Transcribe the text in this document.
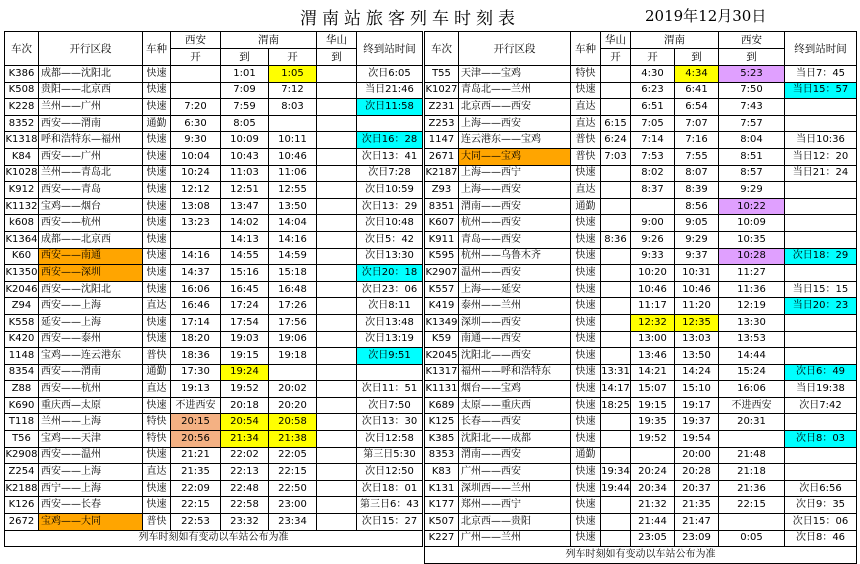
渭南站旅客列车时刻表	2019年12月30日
车次	开行区段	车种	西安	渭南		华山	终到站时间
			开	到	开	到	
K386	成都——沈阳北	快速		1:01	1:05		次日6:05
K508	贵阳——北京西	快速		7:09	7:12		当日21:46
K228	兰州——广州	快速	7:20	7:59	8:03		次日11:58
8352	西安——渭南	通勤	6:30	8:05			
K1318	呼和浩特东—福州	快速	9:30	10:09	10:11		次日16：28
K84	西安——广州	快速	10:04	10:43	10:46		次日13：41
K1028	兰州——青岛北	快速	10:24	11:03	11:06		次日7:28
K912	西安——青岛	快速	12:12	12:51	12:55		次日10:59
K1132	宝鸡——烟台	快速	13:08	13:47	13:50		次日13：29
k608	西安——杭州	快速	13:23	14:02	14:04		次日10:48
K1364	成都——北京西	快速		14:13	14:16		次日5：42
K60	西安——南通	快速	14:16	14:55	14:59		次日13:30
K1350	西安——深圳	快速	14:37	15:16	15:18		次日20：18
K2046	西安——沈阳北	快速	16:06	16:45	16:48		次日23：06
Z94	西安——上海	直达	16:46	17:24	17:26		次日8:11
K558	延安——上海	快速	17:14	17:54	17:56		次日13:48
K420	西安——泰州	快速	18:20	19:03	19:06		次日13:19
1148	宝鸡——连云港东	普快	18:36	19:15	19:18		次日9:51
8354	西安——渭南	通勤	17:30	19:24			
Z88	西安——杭州	直达	19:13	19:52	20:02		次日11：51
K690	重庆西—太原	快速	不进西安	20:18	20:20		次日7:50
T118	兰州——上海	特快	20:15	20:54	20:58		次日13：30
T56	宝鸡——天津	特快	20:56	21:34	21:38		次日12:58
K2908	西安——温州	快速	21:21	22:02	22:05		第三日5:30
Z254	西安——上海	直达	21:35	22:13	22:15		次日12:50
K2188	西宁——上海	快速	22:09	22:48	22:50		次日18：01
K126	西安——长春	快速	22:15	22:58	23:00		第三日6：43
2672	宝鸡——大同	普快	22:53	23:32	23:34		次日15：27
列车时刻如有变动以车站公布为准							
车次	开行区段	车种	华山	渭南		西安	终到站时间
			开	开	到	到	
T55	天津——宝鸡	特快		4:30	4:34	5:23	当日7：45
K1027	青岛北——兰州	快速		6:23	6:41	7:50	当日15：57
Z231	北京西——西安	直达		6:51	6:54	7:43	
Z253	上海——西安	直达	6:15	7:05	7:07	7:57	
1147	连云港东——宝鸡	普快	6:24	7:14	7:16	8:04	当日10:36
2671	大同——宝鸡	普快	7:03	7:53	7:55	8:51	当日12：20
K2187	上海——西宁	快速		8:02	8:07	8:57	当日21：24
Z93	上海——西安	直达		8:37	8:39	9:29	
8351	渭南——西安	通勤			8:56	10:22	
K607	杭州——西安	快速		9:00	9:05	10:09	
K911	青岛——西安	快速	8:36	9:26	9:29	10:35	
K595	杭州——乌鲁木齐	快速		9:33	9:37	10:28	次日18：29
K2907	温州——西安	快速		10:20	10:31	11:27	
K557	上海——延安	快速		10:46	10:46	11:36	当日15：15
K419	泰州——兰州	快速		11:17	11:20	12:19	当日20：23
K1349	深圳——西安	快速		12:32	12:35	13:30	
K59	南通——西安	快速		13:00	13:03	13:53	
K2045	沈阳北——西安	快速		13:46	13:50	14:44	
K1317	福州——呼和浩特东	快速	13:31	14:21	14:24	15:24	次日6：49
K1131	烟台——宝鸡	快速	14:17	15:07	15:10	16:06	当日19:38
K689	太原——重庆西	快速	18:25	19:15	19:17	不进西安	次日7:42
K125	长春——西安	快速		19:35	19:37	20:31	
K385	沈阳北——成都	快速		19:52	19:54		次日8：03
8353	渭南——西安	通勤			20:00	21:48	
K83	广州——西安	快速	19:34	20:24	20:28	21:18	
K131	深圳西——兰州	快速	19:44	20:34	20:37	21:36	次日6:56
K177	郑州——西宁	快速		21:32	21:35	22:15	次日9：35
K507	北京西——贵阳	快速		21:44	21:47		次日15：06
K227	广州——兰州	快速		23:05	23:09	0:05	次日8：46
列车时刻如有变动以车站公布为准							
